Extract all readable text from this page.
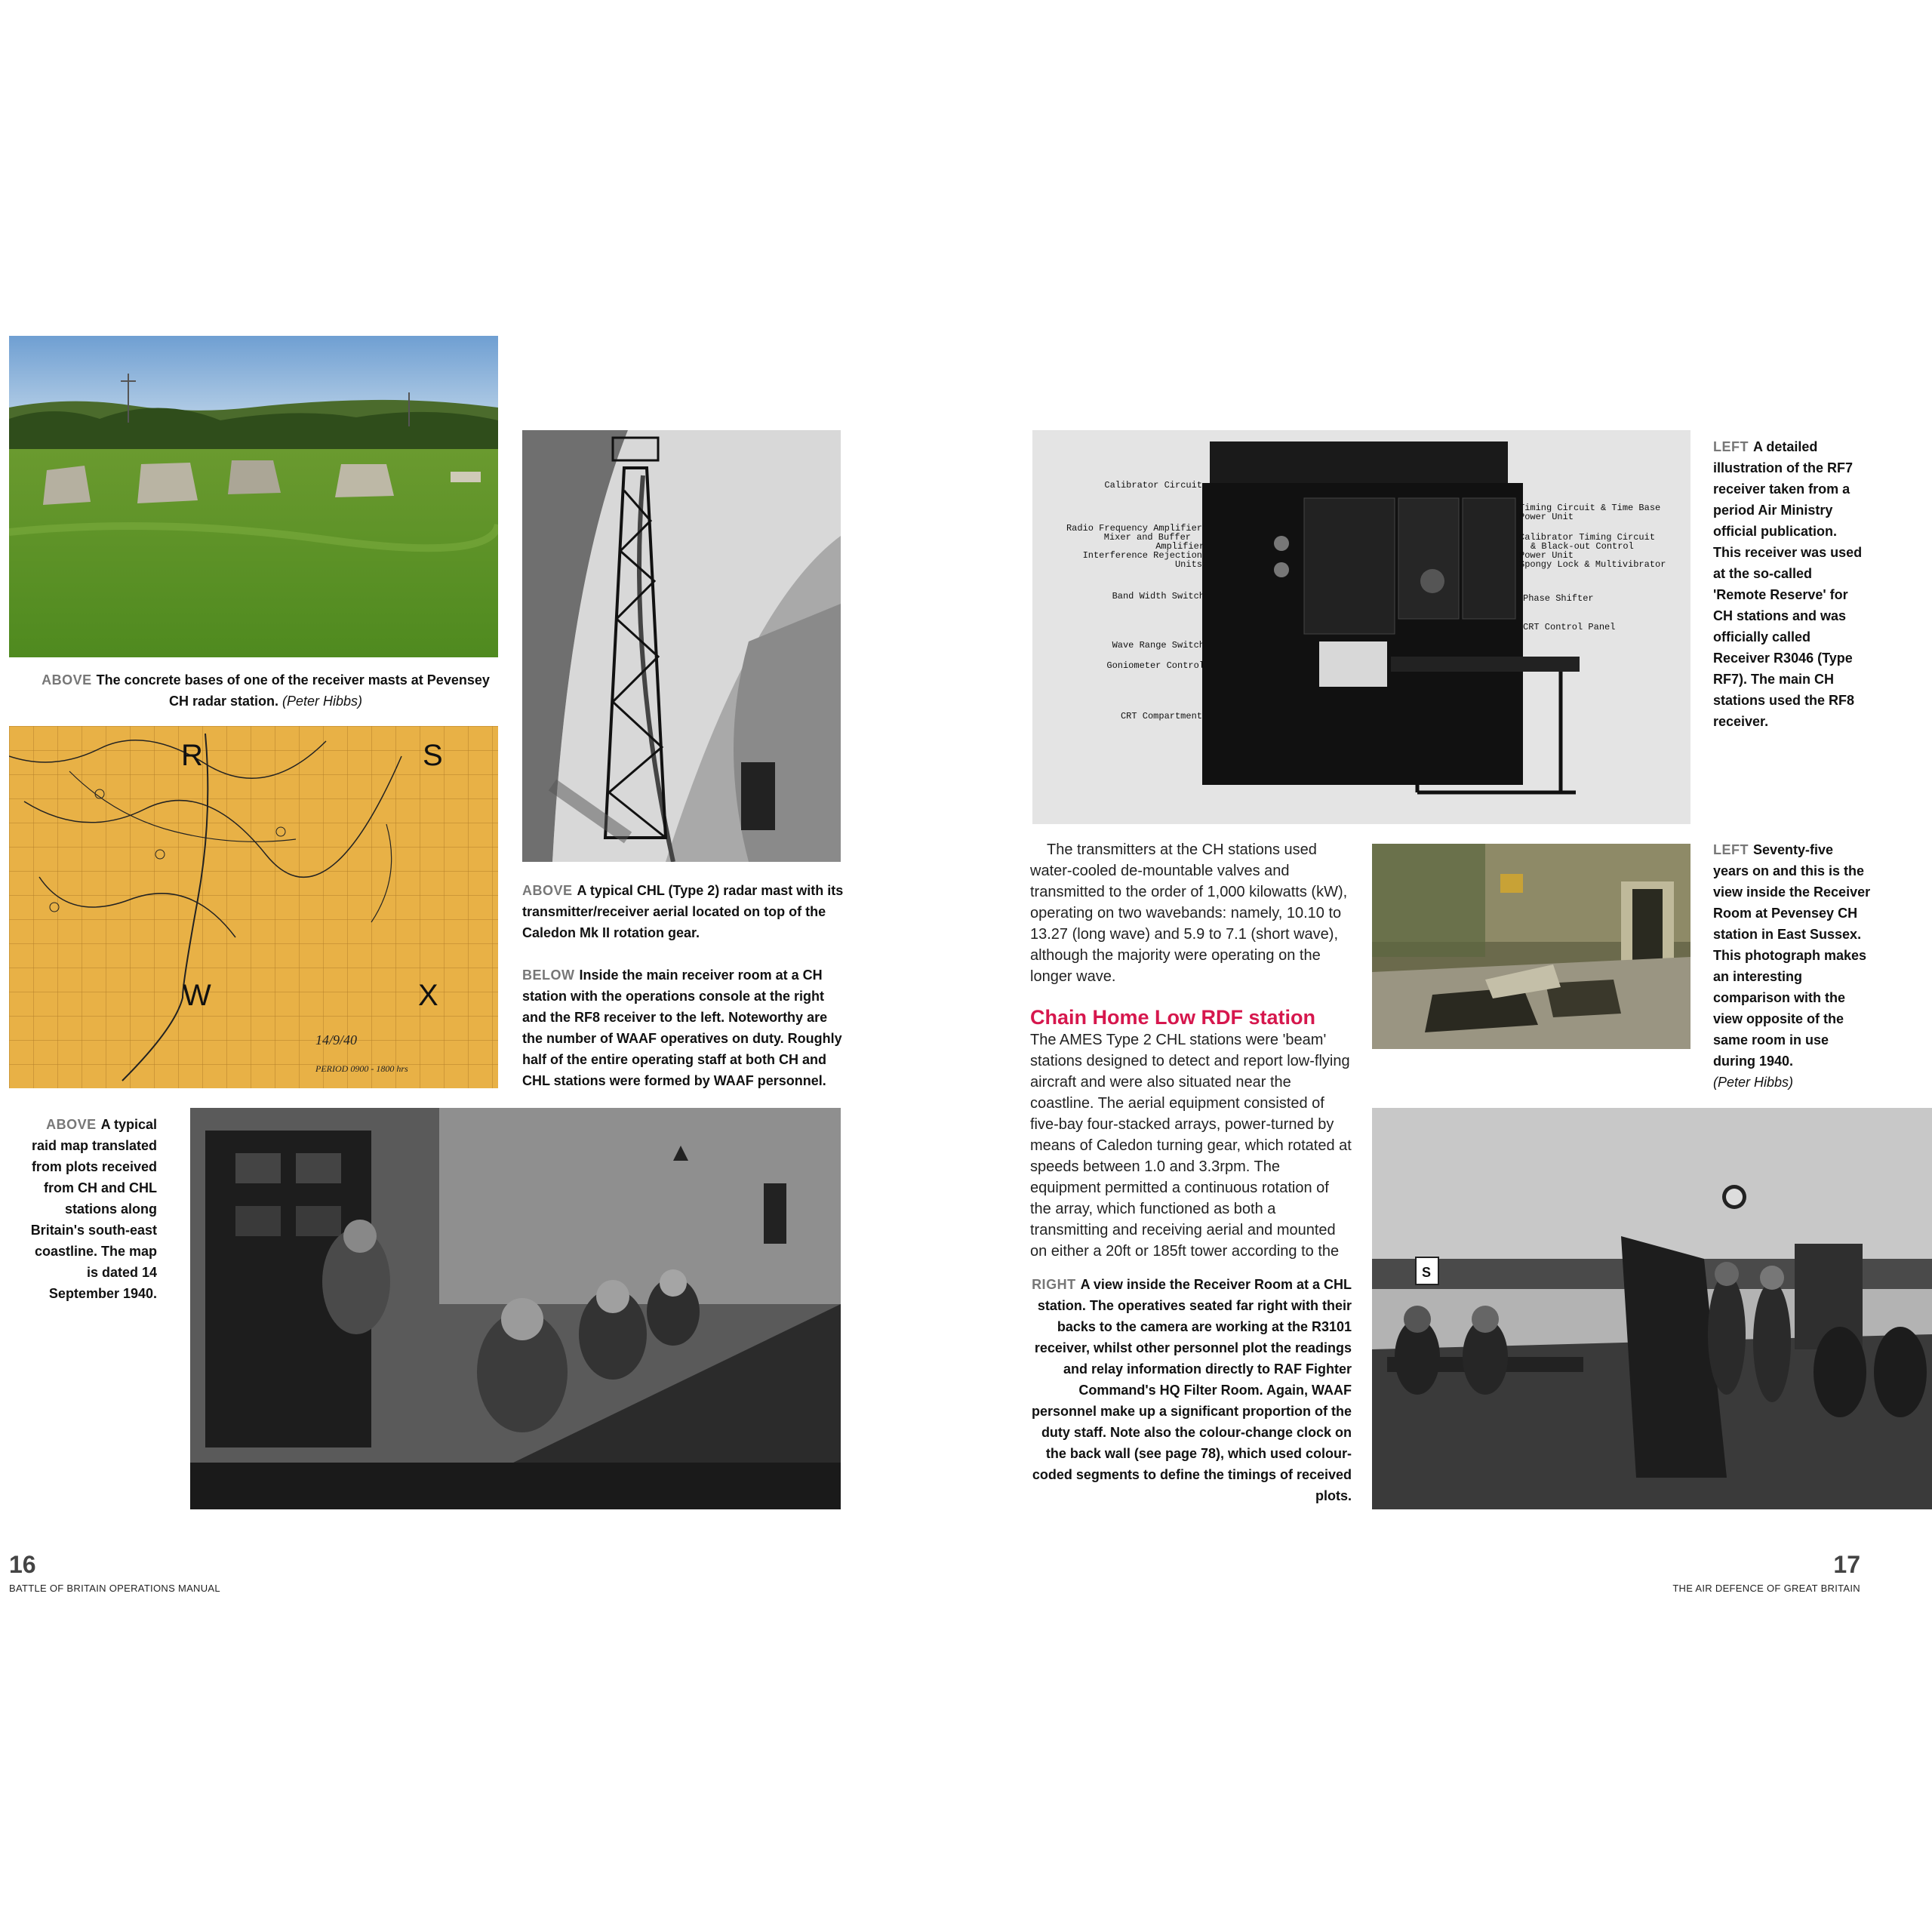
ABOVE The concrete bases of one of the receiver masts at Pevensey CH radar station. (Peter Hibbs)
R	S
W	X
14/9/40
PERIOD 0900 - 1800 hrs
ABOVE A typical CHL (Type 2) radar mast with its transmitter/receiver aerial located on top of the Caledon Mk II rotation gear.
BELOW Inside the main receiver room at a CH station with the operations console at the right and the RF8 receiver to the left. Noteworthy are the number of WAAF operatives on duty. Roughly half of the entire operating staff at both CH and CHL stations were formed by WAAF personnel.
ABOVE A typical raid map translated from plots received from CH and CHL stations along Britain's south-east coastline. The map is dated 14 September 1940.
16
BATTLE OF BRITAIN OPERATIONS MANUAL
Calibrator Circuit
Radio Frequency Amplifier
Mixer and Buffer
Amplifier
Interference Rejection
Units
Band Width Switch
Wave Range Switch
Goniometer Control
CRT Compartment
Timing Circuit & Time Base
Power Unit
Calibrator Timing Circuit
& Black-out Control
Power Unit
Spongy Lock & Multivibrator
Phase Shifter
CRT Control Panel
LEFT A detailed illustration of the RF7 receiver taken from a period Air Ministry official publication. This receiver was used at the so-called 'Remote Reserve' for CH stations and was officially called Receiver R3046 (Type RF7). The main CH stations used the RF8 receiver.
The transmitters at the CH stations used water-cooled de-mountable valves and transmitted to the order of 1,000 kilowatts (kW), operating on two wavebands: namely, 10.10 to 13.27 (long wave) and 5.9 to 7.1 (short wave), although the majority were operating on the longer wave.
Chain Home Low RDF station
The AMES Type 2 CHL stations were 'beam' stations designed to detect and report low-flying aircraft and were also situated near the coastline. The aerial equipment consisted of five-bay four-stacked arrays, power-turned by means of Caledon turning gear, which rotated at speeds between 1.0 and 3.3rpm. The equipment permitted a continuous rotation of the array, which functioned as both a transmitting and receiving aerial and mounted on either a 20ft or 185ft tower according to the
LEFT Seventy-five years on and this is the view inside the Receiver Room at Pevensey CH station in East Sussex. This photograph makes an interesting comparison with the view opposite of the same room in use during 1940.
(Peter Hibbs)
S
RIGHT A view inside the Receiver Room at a CHL station. The operatives seated far right with their backs to the camera are working at the R3101 receiver, whilst other personnel plot the readings and relay information directly to RAF Fighter Command's HQ Filter Room. Again, WAAF personnel make up a significant proportion of the duty staff. Note also the colour-change clock on the back wall (see page 78), which used colour-coded segments to define the timings of received plots.
17
THE AIR DEFENCE OF GREAT BRITAIN
